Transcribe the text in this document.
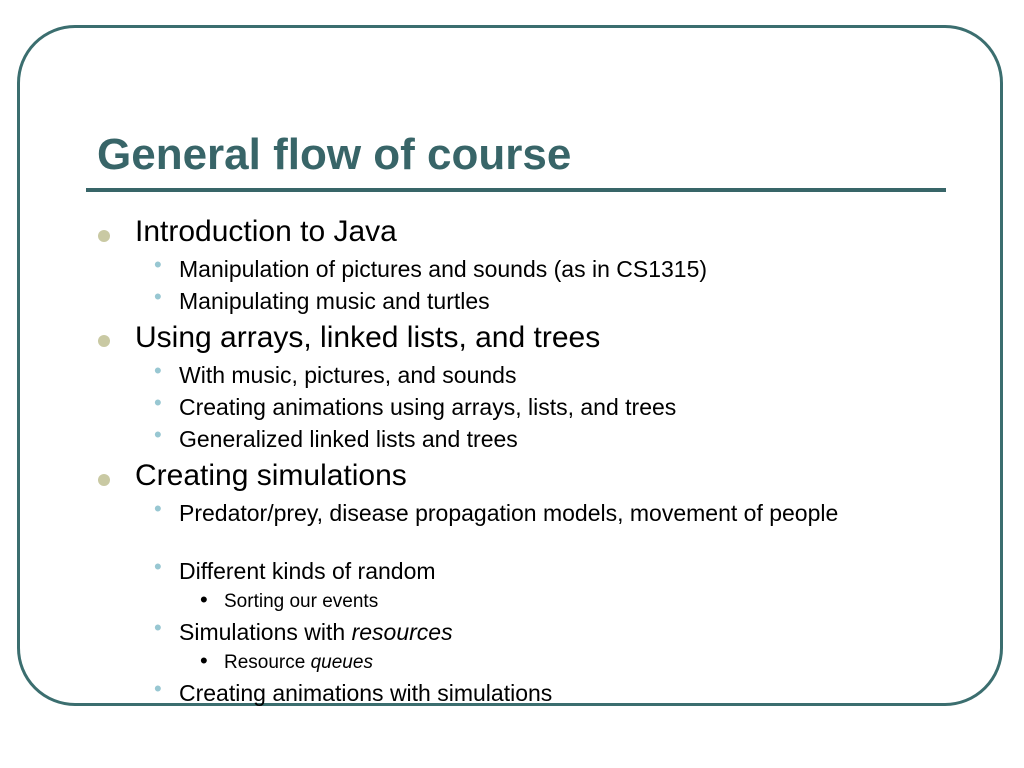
General flow of course
Introduction to Java
• Manipulation of pictures and sounds (as in CS1315)
• Manipulating music and turtles
Using arrays, linked lists, and trees
• With music, pictures, and sounds
• Creating animations using arrays, lists, and trees
• Generalized linked lists and trees
Creating simulations
• Predator/prey, disease propagation models, movement of people
• Different kinds of random
• Sorting our events
• Simulations with resources
• Resource queues
• Creating animations with simulations
